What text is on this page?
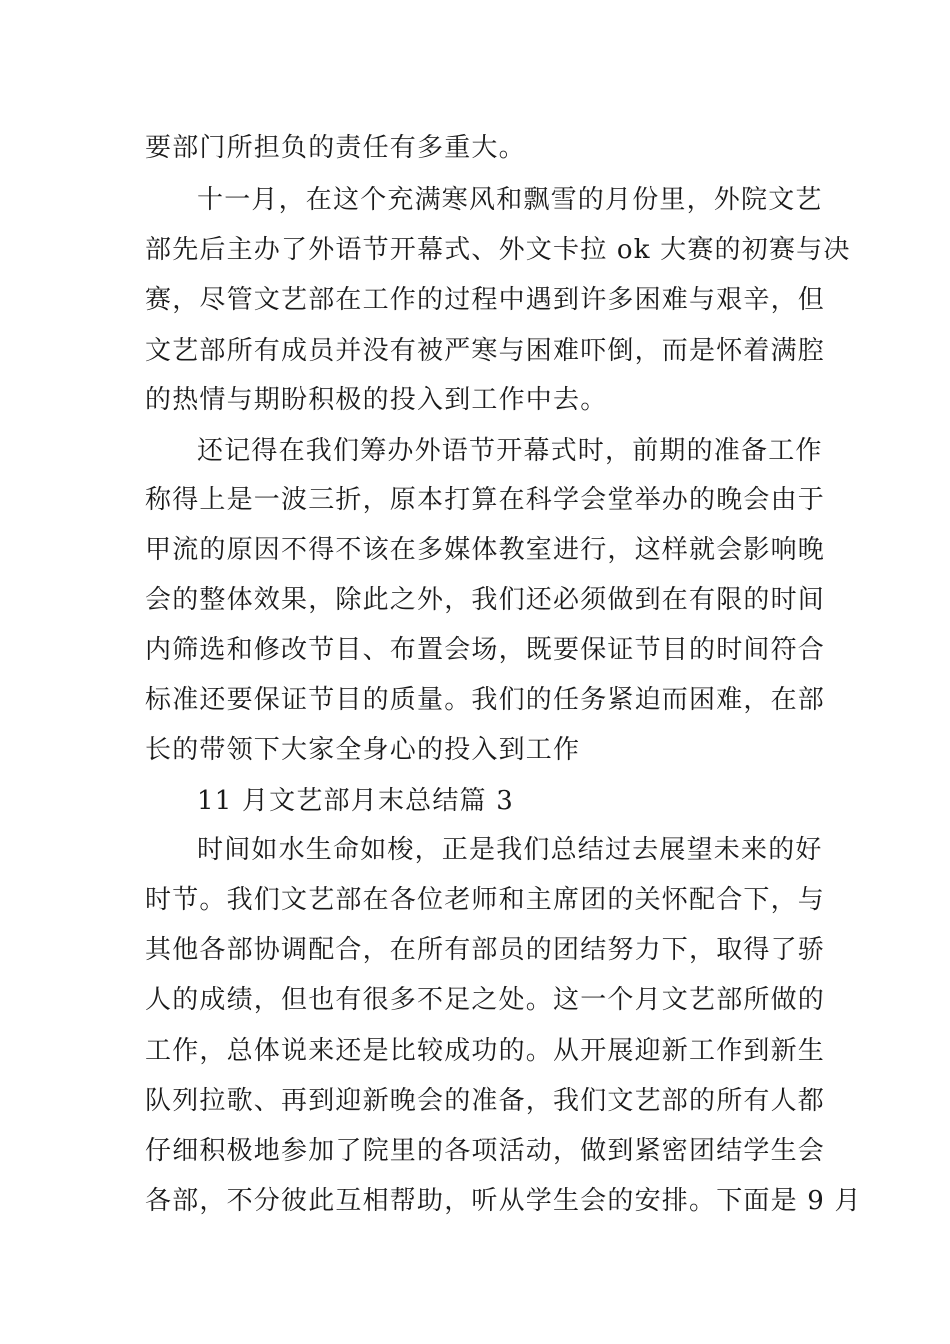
要部门所担负的责任有多重大。
十一月，在这个充满寒风和飘雪的月份里，外院文艺
部先后主办了外语节开幕式、外文卡拉 ok 大赛的初赛与决
赛，尽管文艺部在工作的过程中遇到许多困难与艰辛，但
文艺部所有成员并没有被严寒与困难吓倒，而是怀着满腔
的热情与期盼积极的投入到工作中去。
还记得在我们筹办外语节开幕式时，前期的准备工作
称得上是一波三折，原本打算在科学会堂举办的晚会由于
甲流的原因不得不该在多媒体教室进行，这样就会影响晚
会的整体效果，除此之外，我们还必须做到在有限的时间
内筛选和修改节目、布置会场，既要保证节目的时间符合
标准还要保证节目的质量。我们的任务紧迫而困难，在部
长的带领下大家全身心的投入到工作
11 月文艺部月末总结篇 3
时间如水生命如梭，正是我们总结过去展望未来的好
时节。我们文艺部在各位老师和主席团的关怀配合下，与
其他各部协调配合，在所有部员的团结努力下，取得了骄
人的成绩，但也有很多不足之处。这一个月文艺部所做的
工作，总体说来还是比较成功的。从开展迎新工作到新生
队列拉歌、再到迎新晚会的准备，我们文艺部的所有人都
仔细积极地参加了院里的各项活动，做到紧密团结学生会
各部，不分彼此互相帮助，听从学生会的安排。下面是 9 月
